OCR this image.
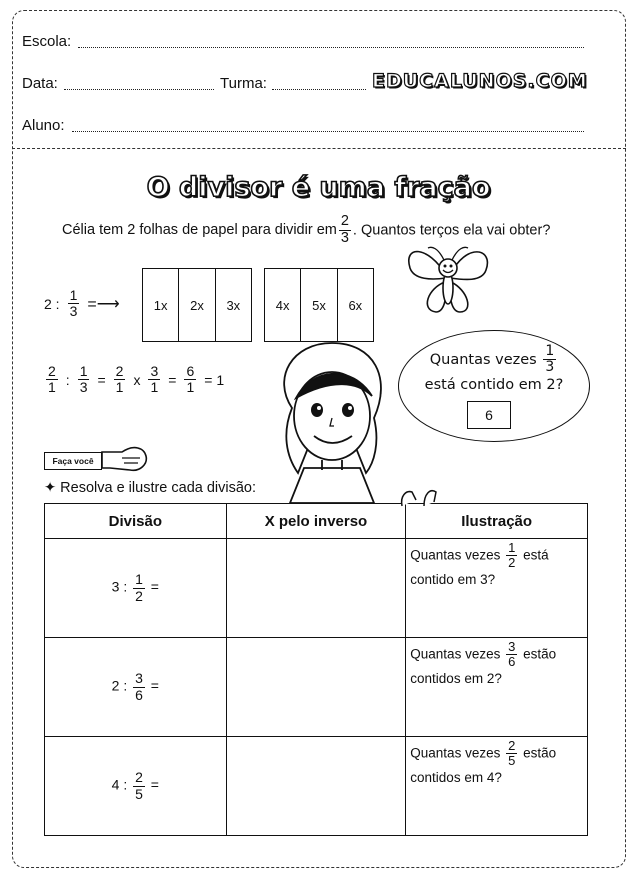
Escola:
Data:	Turma:	EDUCALUNOS.COM
Aluno:
O divisor é uma fração
Célia tem 2 folhas de papel para dividir em $\frac{2}{3}$ . Quantos terços ela vai obter?
2 : $\frac{1}{3}$ =⟶	1x	2x	3x	4x	5x	6x
$\frac{2}{1}$ : $\frac{1}{3} = \frac{2}{1}$ x $\frac{3}{1} = \frac{6}{1} = 1$
Quantas vezes $\frac{1}{3}$

está contido em 2?
6
Faça você
✦ Resolva e ilustre cada divisão:
Divisão	X pelo inverso	Ilustração
3 : $\frac{1}{2}$ =		Quantas vezes $\frac{1}{2}$ está
contido em 3?
2 : $\frac{3}{6}$ =		Quantas vezes $\frac{3}{6}$ estão
contidos em 2?
4 : $\frac{2}{5}$ =		Quantas vezes $\frac{2}{5}$ estão
contidos em 4?
